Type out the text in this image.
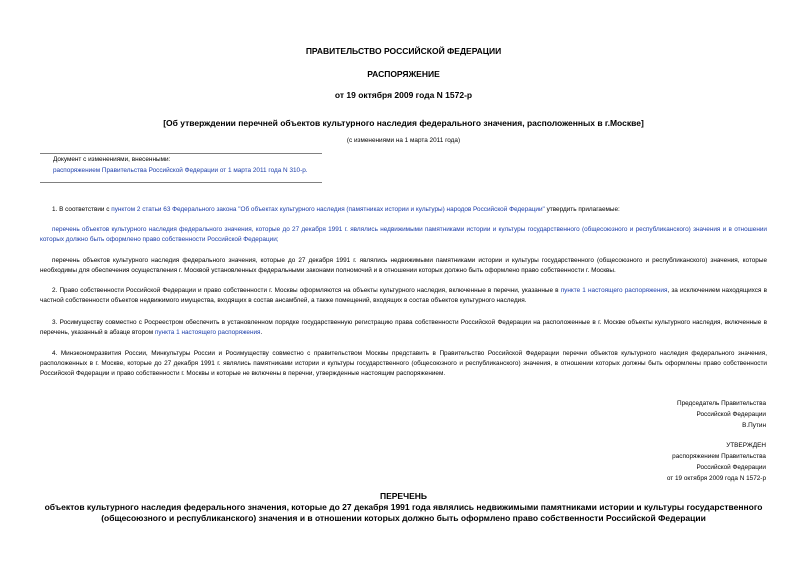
ПРАВИТЕЛЬСТВО РОССИЙСКОЙ ФЕДЕРАЦИИ
РАСПОРЯЖЕНИЕ
от 19 октября 2009 года N 1572-р
[Об утверждении перечней объектов культурного наследия федерального значения, расположенных в г.Москве]
(с изменениями на 1 марта 2011 года)
Документ с изменениями, внесенными:
распоряжением Правительства Российской Федерации от 1 марта 2011 года N 310-р.
1. В соответствии с пунктом 2 статьи 63 Федерального закона "Об объектах культурного наследия (памятниках истории и культуры) народов Российской Федерации" утвердить прилагаемые:
перечень объектов культурного наследия федерального значения, которые до 27 декабря 1991 г. являлись недвижимыми памятниками истории и культуры государственного (общесоюзного и республиканского) значения и в отношении которых должно быть оформлено право собственности Российской Федерации;
перечень объектов культурного наследия федерального значения, которые до 27 декабря 1991 г. являлись недвижимыми памятниками истории и культуры государственного (общесоюзного и республиканского) значения, которые необходимы для обеспечения осуществления г. Москвой установленных федеральными законами полномочий и в отношении которых должно быть оформлено право собственности г. Москвы.
2. Право собственности Российской Федерации и право собственности г. Москвы оформляются на объекты культурного наследия, включенные в перечни, указанные в пункте 1 настоящего распоряжения, за исключением находящихся в частной собственности объектов недвижимого имущества, входящих в состав ансамблей, а также помещений, входящих в состав объектов культурного наследия.
3. Росимуществу совместно с Росреестром обеспечить в установленном порядке государственную регистрацию права собственности Российской Федерации на расположенные в г. Москве объекты культурного наследия, включенные в перечень, указанный в абзаце втором пункта 1 настоящего распоряжения.
4. Минэкономразвития России, Минкультуры России и Росимуществу совместно с правительством Москвы представить в Правительство Российской Федерации перечни объектов культурного наследия федерального значения, расположенных в г. Москве, которые до 27 декабря 1991 г. являлись памятниками истории и культуры государственного (общесоюзного и республиканского) значения, в отношении которых должны быть оформлены право собственности Российской Федерации и право собственности г. Москвы и которые не включены в перечни, утвержденные настоящим распоряжением.
Председатель Правительства
Российской Федерации
В.Путин
УТВЕРЖДЕН
распоряжением Правительства
Российской Федерации
от 19 октября 2009 года N 1572-р
ПЕРЕЧЕНЬ
объектов культурного наследия федерального значения, которые до 27 декабря 1991 года являлись недвижимыми памятниками истории и культуры государственного (общесоюзного и республиканского) значения и в отношении которых должно быть оформлено право собственности Российской Федерации
